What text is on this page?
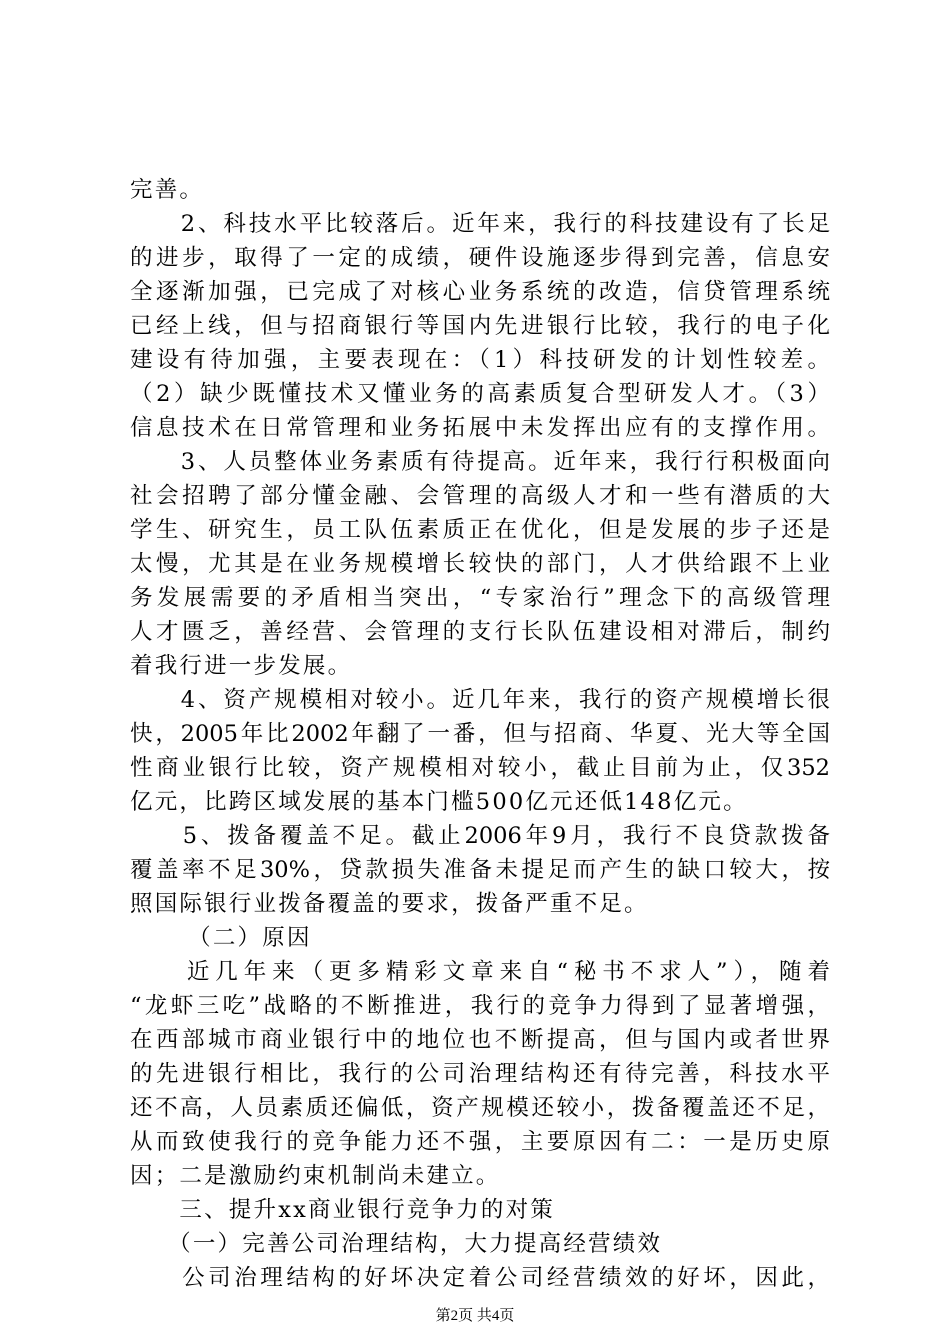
完善。
　　2、科技水平比较落后。近年来，我行的科技建设有了长足
的进步，取得了一定的成绩，硬件设施逐步得到完善，信息安
全逐渐加强，已完成了对核心业务系统的改造，信贷管理系统
已经上线，但与招商银行等国内先进银行比较，我行的电子化
建设有待加强，主要表现在：（1）科技研发的计划性较差。
（2）缺少既懂技术又懂业务的高素质复合型研发人才。（3）
信息技术在日常管理和业务拓展中未发挥出应有的支撑作用。
　　3、人员整体业务素质有待提高。近年来，我行行积极面向
社会招聘了部分懂金融、会管理的高级人才和一些有潜质的大
学生、研究生，员工队伍素质正在优化，但是发展的步子还是
太慢，尤其是在业务规模增长较快的部门，人才供给跟不上业
务发展需要的矛盾相当突出，“专家治行”理念下的高级管理
人才匮乏，善经营、会管理的支行长队伍建设相对滞后，制约
着我行进一步发展。
　　4、资产规模相对较小。近几年来，我行的资产规模增长很
快，2005年比2002年翻了一番，但与招商、华夏、光大等全国
性商业银行比较，资产规模相对较小，截止目前为止，仅352
亿元，比跨区域发展的基本门槛500亿元还低148亿元。
　　5、拨备覆盖不足。截止2006年9月，我行不良贷款拨备
覆盖率不足30%，贷款损失准备未提足而产生的缺口较大，按
照国际银行业拨备覆盖的要求，拨备严重不足。
　　（二）原因
　　近几年来（更多精彩文章来自“秘书不求人”），随着
“龙虾三吃”战略的不断推进，我行的竞争力得到了显著增强，
在西部城市商业银行中的地位也不断提高，但与国内或者世界
的先进银行相比，我行的公司治理结构还有待完善，科技水平
还不高，人员素质还偏低，资产规模还较小，拨备覆盖还不足，
从而致使我行的竞争能力还不强，主要原因有二：一是历史原
因；二是激励约束机制尚未建立。
　　三、提升xx商业银行竞争力的对策
　　（一）完善公司治理结构，大力提高经营绩效
　　公司治理结构的好坏决定着公司经营绩效的好坏，因此，
第2页 共4页
